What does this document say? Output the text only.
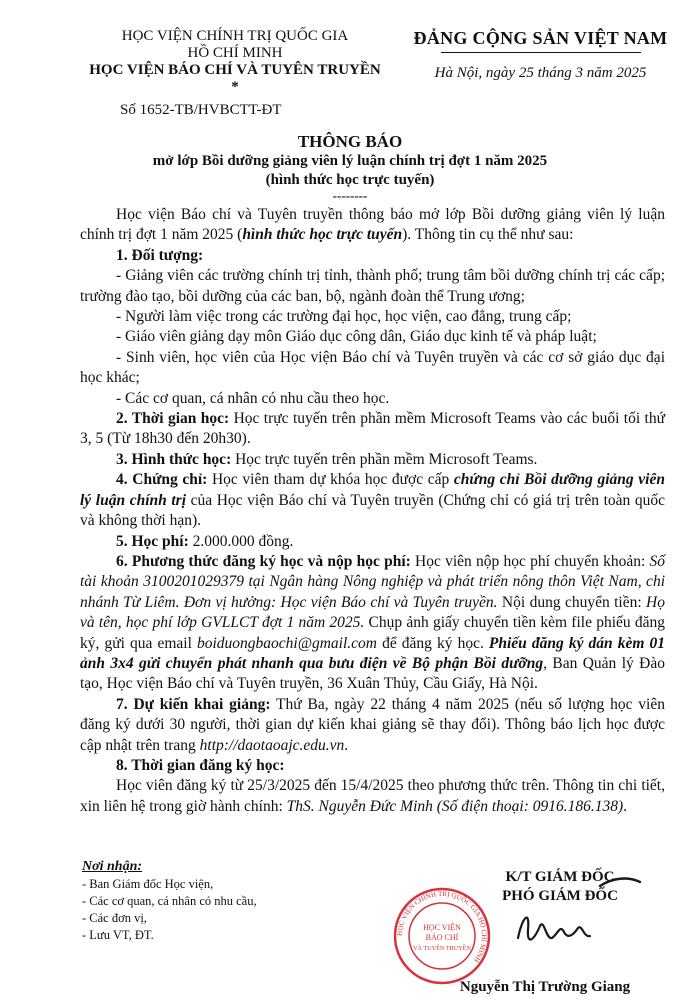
HỌC VIỆN CHÍNH TRỊ QUỐC GIA
HỒ CHÍ MINH
HỌC VIỆN BÁO CHÍ VÀ TUYÊN TRUYỀN
*
ĐẢNG CỘNG SẢN VIỆT NAM
Hà Nội, ngày 25 tháng 3 năm 2025
Số 1652-TB/HVBCTT-ĐT
THÔNG BÁO
mở lớp Bồi dưỡng giảng viên lý luận chính trị đợt 1 năm 2025
(hình thức học trực tuyến)
--------

Học viện Báo chí và Tuyên truyền thông báo mở lớp Bồi dưỡng giảng viên lý luận chính trị đợt 1 năm 2025 (hình thức học trực tuyến). Thông tin cụ thể như sau:

1. Đối tượng:

- Giảng viên các trường chính trị tỉnh, thành phố; trung tâm bồi dưỡng chính trị các cấp; trường đào tạo, bồi dưỡng của các ban, bộ, ngành đoàn thể Trung ương;

- Người làm việc trong các trường đại học, học viện, cao đẳng, trung cấp;

- Giáo viên giảng dạy môn Giáo dục công dân, Giáo dục kinh tế và pháp luật;

- Sinh viên, học viên của Học viện Báo chí và Tuyên truyền và các cơ sở giáo dục đại học khác;

- Các cơ quan, cá nhân có nhu cầu theo học.

2. Thời gian học: Học trực tuyến trên phần mềm Microsoft Teams vào các buổi tối thứ 3, 5 (Từ 18h30 đến 20h30).

3. Hình thức học: Học trực tuyến trên phần mềm Microsoft Teams.

4. Chứng chỉ: Học viên tham dự khóa học được cấp chứng chỉ Bồi dưỡng giảng viên lý luận chính trị của Học viện Báo chí và Tuyên truyền (Chứng chỉ có giá trị trên toàn quốc và không thời hạn).

5. Học phí: 2.000.000 đồng.

6. Phương thức đăng ký học và nộp học phí: Học viên nộp học phí chuyển khoản: Số tài khoản 3100201029379 tại Ngân hàng Nông nghiệp và phát triển nông thôn Việt Nam, chi nhánh Từ Liêm. Đơn vị hưởng: Học viện Báo chí và Tuyên truyền. Nội dung chuyển tiền: Họ và tên, học phí lớp GVLLCT đợt 1 năm 2025. Chụp ảnh giấy chuyển tiền kèm file phiếu đăng ký, gửi qua email boiduongbaochi@gmail.com để đăng ký học. Phiếu đăng ký dán kèm 01 ảnh 3x4 gửi chuyển phát nhanh qua bưu điện về Bộ phận Bồi dưỡng, Ban Quản lý Đào tạo, Học viện Báo chí và Tuyên truyền, 36 Xuân Thủy, Cầu Giấy, Hà Nội.

7. Dự kiến khai giảng: Thứ Ba, ngày 22 tháng 4 năm 2025 (nếu số lượng học viên đăng ký dưới 30 người, thời gian dự kiến khai giảng sẽ thay đổi). Thông báo lịch học được cập nhật trên trang http://daotaoajc.edu.vn.

8. Thời gian đăng ký học:

Học viên đăng ký từ 25/3/2025 đến 15/4/2025 theo phương thức trên. Thông tin chi tiết, xin liên hệ trong giờ hành chính: ThS. Nguyễn Đức Minh (Số điện thoại: 0916.186.138).

Nơi nhận:
- Ban Giám đốc Học viện,
- Các cơ quan, cá nhân có nhu cầu,
- Các đơn vị,
- Lưu VT, ĐT.
K/T GIÁM ĐỐC
PHÓ GIÁM ĐỐC
HỌC VIỆN CHÍNH TRỊ QUỐC GIA HỒ CHÍ MINH
HỌC VIỆN
BÁO CHÍ
VÀ TUYÊN TRUYỀN
Nguyễn Thị Trường Giang
